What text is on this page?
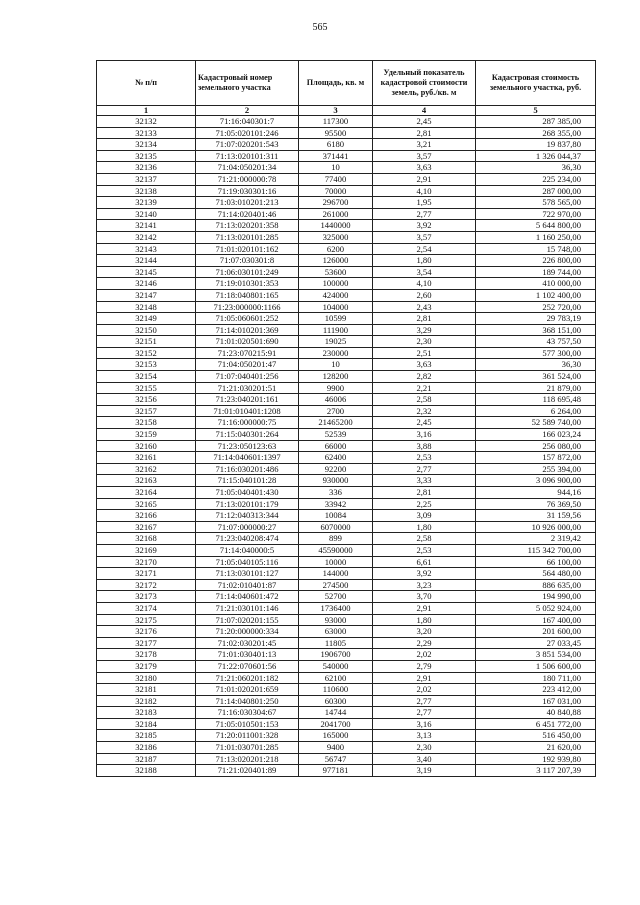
565
№ п/п	Кадастровый номер земельного участка	Площадь, кв. м	Удельный показатель кадастровой стоимости земель, руб./кв. м	Кадастровая стоимость земельного участка, руб.
1	2	3	4	5
32132	71:16:040301:7	117300	2,45	287 385,00
32133	71:05:020101:246	95500	2,81	268 355,00
32134	71:07:020201:543	6180	3,21	19 837,80
32135	71:13:020101:311	371441	3,57	1 326 044,37
32136	71:04:050201:34	10	3,63	36,30
32137	71:21:000000:78	77400	2,91	225 234,00
32138	71:19:030301:16	70000	4,10	287 000,00
32139	71:03:010201:213	296700	1,95	578 565,00
32140	71:14:020401:46	261000	2,77	722 970,00
32141	71:13:020201:358	1440000	3,92	5 644 800,00
32142	71:13:020101:285	325000	3,57	1 160 250,00
32143	71:01:020101:162	6200	2,54	15 748,00
32144	71:07:030301:8	126000	1,80	226 800,00
32145	71:06:030101:249	53600	3,54	189 744,00
32146	71:19:010301:353	100000	4,10	410 000,00
32147	71:18:040801:165	424000	2,60	1 102 400,00
32148	71:23:000000:1166	104000	2,43	252 720,00
32149	71:05:060601:252	10599	2,81	29 783,19
32150	71:14:010201:369	111900	3,29	368 151,00
32151	71:01:020501:690	19025	2,30	43 757,50
32152	71:23:070215:91	230000	2,51	577 300,00
32153	71:04:050201:47	10	3,63	36,30
32154	71:07:040401:256	128200	2,82	361 524,00
32155	71:21:030201:51	9900	2,21	21 879,00
32156	71:23:040201:161	46006	2,58	118 695,48
32157	71:01:010401:1208	2700	2,32	6 264,00
32158	71:16:000000:75	21465200	2,45	52 589 740,00
32159	71:15:040301:264	52539	3,16	166 023,24
32160	71:23:050123:63	66000	3,88	256 080,00
32161	71:14:040601:1397	62400	2,53	157 872,00
32162	71:16:030201:486	92200	2,77	255 394,00
32163	71:15:040101:28	930000	3,33	3 096 900,00
32164	71:05:040401:430	336	2,81	944,16
32165	71:13:020101:179	33942	2,25	76 369,50
32166	71:12:040313:344	10084	3,09	31 159,56
32167	71:07:000000:27	6070000	1,80	10 926 000,00
32168	71:23:040208:474	899	2,58	2 319,42
32169	71:14:040000:5	45590000	2,53	115 342 700,00
32170	71:05:040105:116	10000	6,61	66 100,00
32171	71:13:030101:127	144000	3,92	564 480,00
32172	71:02:010401:87	274500	3,23	886 635,00
32173	71:14:040601:472	52700	3,70	194 990,00
32174	71:21:030101:146	1736400	2,91	5 052 924,00
32175	71:07:020201:155	93000	1,80	167 400,00
32176	71:20:000000:334	63000	3,20	201 600,00
32177	71:02:030201:45	11805	2,29	27 033,45
32178	71:01:030401:13	1906700	2,02	3 851 534,00
32179	71:22:070601:56	540000	2,79	1 506 600,00
32180	71:21:060201:182	62100	2,91	180 711,00
32181	71:01:020201:659	110600	2,02	223 412,00
32182	71:14:040801:250	60300	2,77	167 031,00
32183	71:16:030304:67	14744	2,77	40 840,88
32184	71:05:010501:153	2041700	3,16	6 451 772,00
32185	71:20:011001:328	165000	3,13	516 450,00
32186	71:01:030701:285	9400	2,30	21 620,00
32187	71:13:020201:218	56747	3,40	192 939,80
32188	71:21:020401:89	977181	3,19	3 117 207,39
